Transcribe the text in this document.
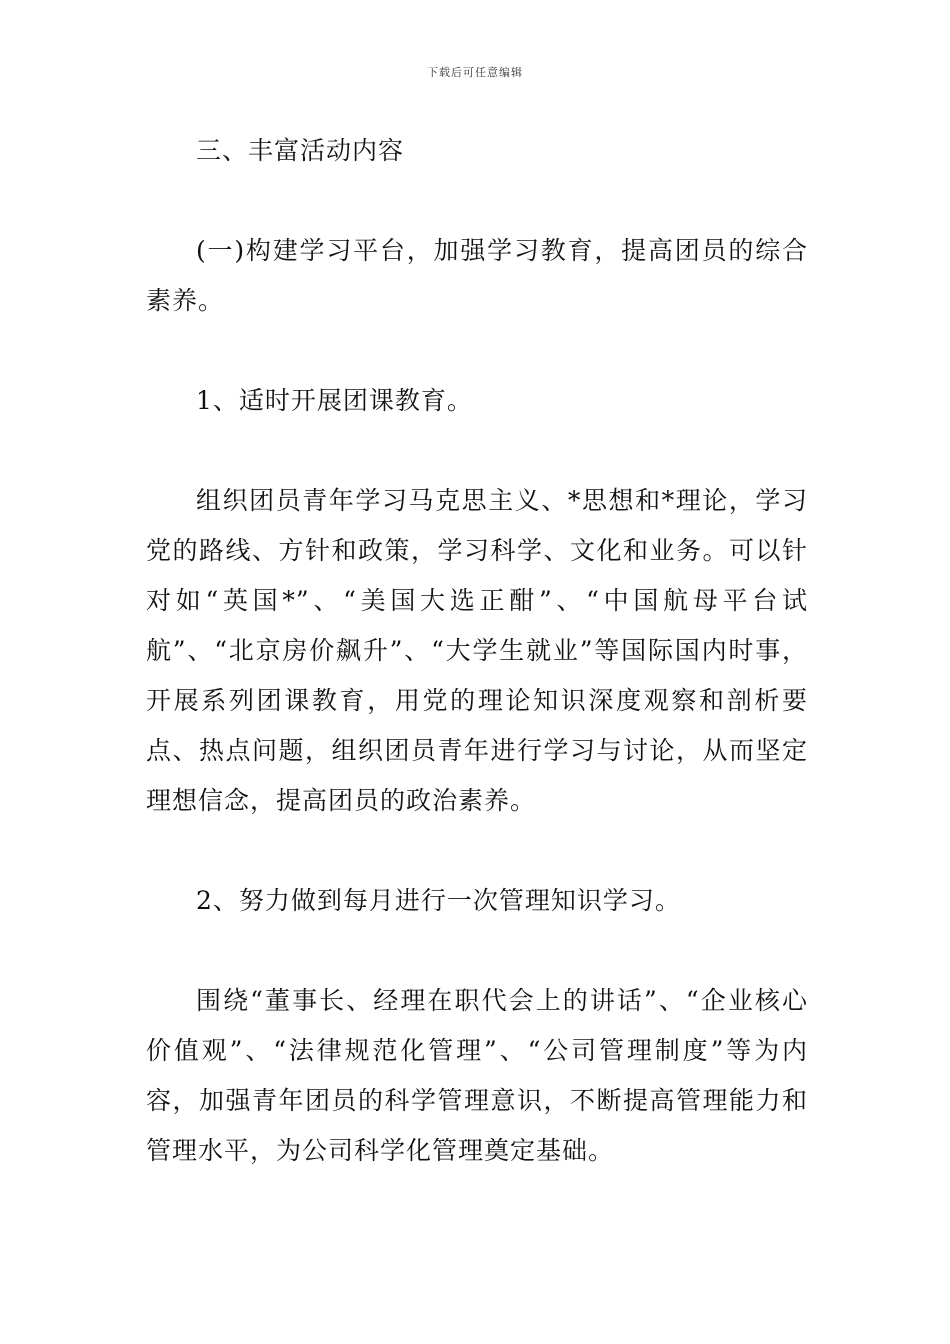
下载后可任意编辑

三、丰富活动内容

(一)构建学习平台，加强学习教育，提高团员的综合素养。

1、适时开展团课教育。

组织团员青年学习马克思主义、*思想和*理论，学习党的路线、方针和政策，学习科学、文化和业务。可以针对如“英国*”、“美国大选正酣”、“中国航母平台试航”、“北京房价飙升”、“大学生就业”等国际国内时事，开展系列团课教育，用党的理论知识深度观察和剖析要点、热点问题，组织团员青年进行学习与讨论，从而坚定理想信念，提高团员的政治素养。

2、努力做到每月进行一次管理知识学习。

围绕“董事长、经理在职代会上的讲话”、“企业核心价值观”、“法律规范化管理”、“公司管理制度”等为内容，加强青年团员的科学管理意识，不断提高管理能力和管理水平，为公司科学化管理奠定基础。
